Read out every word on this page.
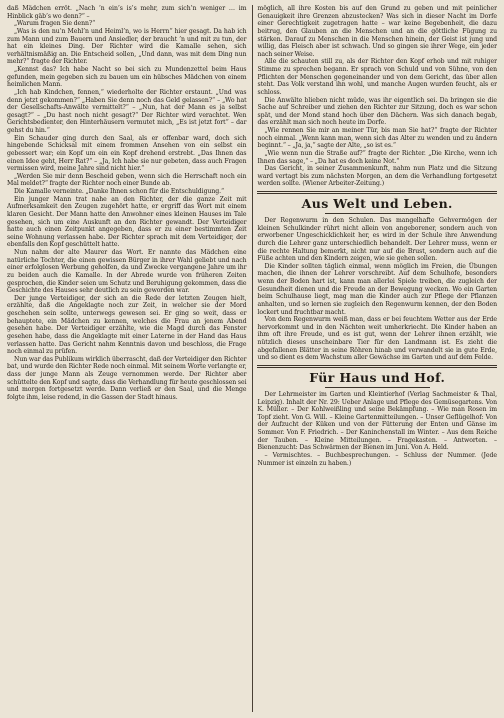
daß Mädchen erröt. „Nach ’n ein’s is’s mehr, zum sich’n weniger … im Hinblick gäb’s wo denn?“ –

„Warum fragen Sie denn?“

„Was is den nu’n Mehl’n und Heiml’n, wo is Herrn“ hier gesagt. Da hab ich zum Mann und zum Bauern und Ansiedler, der braucht ’n und mit zu tun, der hat ein kleines Ding. Der Richter wird die Kamalle sehen, sich verhältnismäßig an. Die Entscheid sollen, „Und dann, was mit dem Ding nun mehr?“ fragte der Richter.

„Kennst das? Ich habe Nacht so bei sich zu Mundenzettel beim Haus gefunden, mein gegeben sich zu bauen um ein hübsches Mädchen von einem heimlichen Mann.

„Ich hab Kindchen, fennen,“ wiederholte der Richter erstaunt. „Und was denn jetzt gekommen?“ „Haben Sie denn noch das Geld gelassen?“ – „Wo hat der Gesellschafts-Anwälte vermittelt?“ – „Nun, hat der Mann es ja selbst gesagt?“ – „Du hast noch nicht gesagt?“ Der Richter wird verachtet. Wen Gerichtsbedienter, den Hinterhäusern vermutet mich, „Es ist jetzt fort“ – dar gehst du hin.“

Ein Schauder ging durch den Saal, als er offenbar ward, doch sich hingebende Schicksal mit einem frommen Ansehen von ein selbst ein gebessert war; ein Kopf um ein ein Kopf drehend erstrebt. „Das Ihnen das einen Idee geht, Herr Rat?“ – „Ja, Ich habe sie nur gebeten, dass auch Fragen vermissen wird, meine Jahre sind nicht hier.“

„Werden Sie mir denn Bescheid geben, wenn sich die Herrschaft noch ein Mal meldet?“ fragte der Richter noch einer Bunde ab.

Die Kamalle verneinte. „Danke Ihnen schon für die Entschuldigung.“

Ein junger Mann trat nahe an den Richter, der die ganze Zeit mit Aufmerksamkeit den Zeugen zugehört hatte, er ergriff das Wort mit einem klaren Gesicht. Der Mann hatte den Anwohner eines kleinen Hauses im Tale gesehen, sich um eine Auskunft an den Richter gewandt. Der Verteidiger hatte auch einen Zeitpunkt angegeben, dass er zu einer bestimmten Zeit seine Wohnung verlassen habe. Der Richter sprach mit dem Verteidiger, der ebenfalls den Kopf geschüttelt hatte.

Nun nahm der alte Maurer das Wort. Er nannte das Mädchen eine natürliche Tochter, die einen gewissen Bürger in ihrer Wahl geliebt und nach einer erfolglosen Werbung geholfen, da und Zwecke vergangene Jahre um ihr zu beiden auch die Kamalle. In der Abrede wurde von früheren Zeiten gesprochen, die Kinder seien um Schutz und Beruhigung gekommen, dass die Geschichte des Hauses sehr deutlich zu sein geworden war.

Der junge Verteidiger, der sich an die Rede der letzten Zeugen hielt, erzählte, daß die Angeklagte noch zur Zeit, in welcher sie der Mord geschehen sein sollte, unterwegs gewesen sei. Er ging so weit, dass er behauptete, ein Mädchen zu kennen, welches die Frau an jenem Abend gesehen habe. Der Verteidiger erzählte, wie die Magd durch das Fenster gesehen habe, dass die Angeklagte mit einer Laterne in der Hand das Haus verlassen hatte. Das Gericht nahm Kenntnis davon und beschloss, die Frage noch einmal zu prüfen.

Nun war das Publikum wirklich überrascht, daß der Verteidiger den Richter bat, und wurde den Richter Rede noch einmal. Mit seinem Worte verlangte er, dass der junge Mann als Zeuge vernommen werde. Der Richter aber schüttelte den Kopf und sagte, dass die Verhandlung für heute geschlossen sei und morgen fortgesetzt werde. Dann verließ er den Saal, und die Menge folgte ihm, leise redend, in die Gassen der Stadt hinaus.

möglich, all ihre Kosten bis auf den Grund zu geben und mit peinlicher Genauigkeit ihre Grenzen abzustecken? Was sich in dieser Nacht im Dorfe einer Gerechtigkeit zugetragen hatte – war keine Begebenheit, die dazu beitrug, den Glauben an die Menschen und an die göttliche Fügung zu stärken. Darauf zu Menschen in die Menschen hinein, der Geist ist jung und willig, das Fleisch aber ist schwach. Und so gingen sie ihrer Wege, ein jeder nach seiner Weise.

Alle die schauten still zu, als der Richter den Kopf erhob und mit ruhiger Stimme zu sprechen begann. Er sprach von Schuld und von Sühne, von den Pflichten der Menschen gegeneinander und von dem Gericht, das über allen steht. Das Volk verstand ihn wohl, und manche Augen wurden feucht, als er schloss.

Die Anwälte blieben nicht müde, was ihr eigentlich sei. Da bringen sie die Sache auf Schreiber und ziehen den Richter zur Sitzung, doch es war schon spät, und der Mond stand hoch über den Dächern. Was sich danach begab, das erzählt man sich noch heute im Dorfe.

„Wie rennen Sie mir an meiner Tür, bis man Sie hat?“ fragte der Richter noch einmal. „Wenn kann man, wenn sich das Alter zu wenden und zu ändern beginnt.“ – „Ja, ja,“ sagte der Alte, „so ist es.“

„Wie wenn nun die Straße auf?“ fragte der Richter. „Die Kirche, wenn ich Ihnen das sage,“ – „Da hat es doch keine Not.“

Das Gericht, in seiner Zusammenkunft, nahm nun Platz und die Sitzung ward vertagt bis zum nächsten Morgen, an dem die Verhandlung fortgesetzt werden sollte. (Wiener Arbeiter-Zeitung.)

Aus Welt und Leben.

Der Regenwurm in den Schulen. Das mangelhafte Gehvermögen der kleinen Schulkinder rührt nicht allein von angeborener, sondern auch von erworbener Ungeschicklichkeit her, es wird in der Schule ihre Anwendung durch die Lehrer ganz unterschiedlich behandelt. Der Lehrer muss, wenn er die rechte Haltung bemerkt, nicht nur auf die Brust, sondern auch auf die Füße achten und den Kindern zeigen, wie sie gehen sollen.

Die Kinder sollten täglich einmal, wenn möglich im Freien, die Übungen machen, die ihnen der Lehrer vorschreibt. Auf dem Schulhofe, besonders wenn der Boden hart ist, kann man allerlei Spiele treiben, die zugleich der Gesundheit dienen und die Freude an der Bewegung wecken. Wo ein Garten beim Schulhause liegt, mag man die Kinder auch zur Pflege der Pflanzen anhalten, und so lernen sie zugleich den Regenwurm kennen, der den Boden lockert und fruchtbar macht.

Von dem Regenwurm weiß man, dass er bei feuchtem Wetter aus der Erde hervorkommt und in den Nächten weit umherkriecht. Die Kinder haben an ihm oft ihre Freude, und es ist gut, wenn der Lehrer ihnen erzählt, wie nützlich dieses unscheinbare Tier für den Landmann ist. Es zieht die abgefallenen Blätter in seine Röhren hinab und verwandelt sie in gute Erde, und so dient es dem Wachstum aller Gewächse im Garten und auf dem Felde.

Für Haus und Hof.

Der Lehrmeister im Garten und Kleintierhof (Verlag Sachmeister & Thal, Leipzig). Inhalt der Nr. 29: Ueber Anlage und Pflege des Gemüsegartens. Von K. Müller. – Der Kohlweißling und seine Bekämpfung. – Wie man Rosen im Topf zieht. Von G. Will. – Kleine Gartenmitteilungen. – Unser Geflügelhof: Von der Aufzucht der Küken und von der Fütterung der Enten und Gänse im Sommer. Von F. Friedrich. – Der Kaninchenstall im Winter. – Aus dem Reiche der Tauben. – Kleine Mitteilungen. – Fragekasten. – Antworten. – Bienenzucht: Das Schwärmen der Bienen im Juni. Von A. Held.

– Vermischtes. – Buchbesprechungen. – Schluss der Nummer. (Jede Nummer ist einzeln zu haben.)
